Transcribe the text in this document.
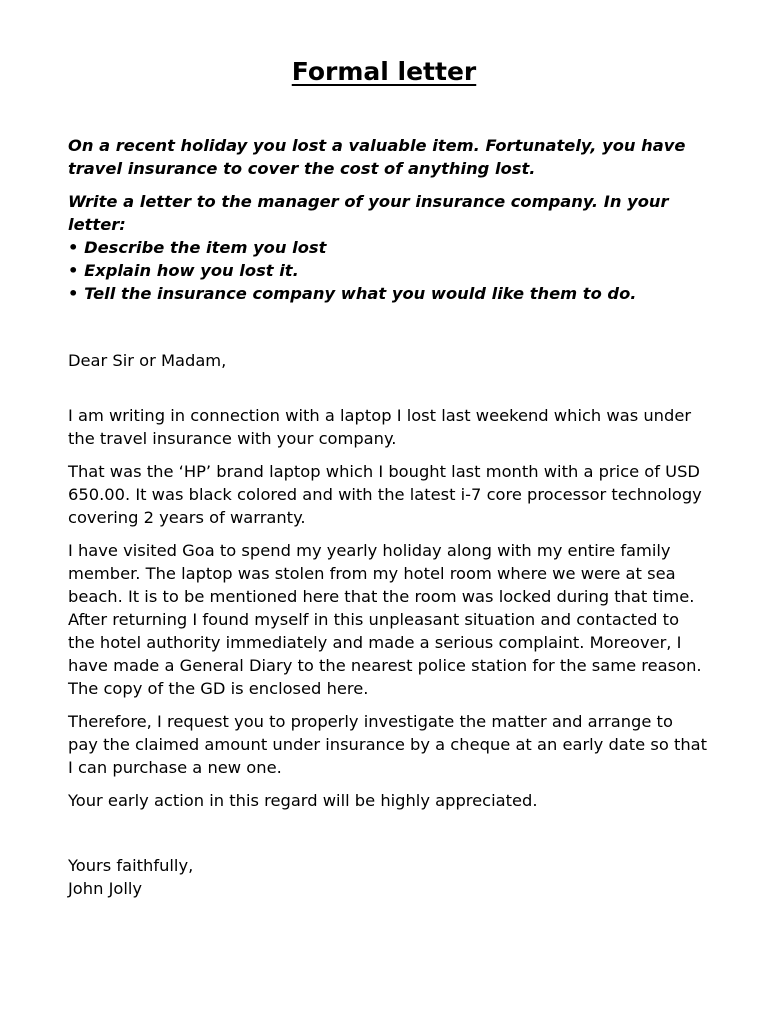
Formal letter

On a recent holiday you lost a valuable item. Fortunately, you have travel insurance to cover the cost of anything lost.

Write a letter to the manager of your insurance company. In your letter:

• Describe the item you lost
• Explain how you lost it.
• Tell the insurance company what you would like them to do.

Dear Sir or Madam,

I am writing in connection with a laptop I lost last weekend which was under the travel insurance with your company.

That was the ‘HP’ brand laptop which I bought last month with a price of USD 650.00. It was black colored and with the latest i-7 core processor technology covering 2 years of warranty.

I have visited Goa to spend my yearly holiday along with my entire family member. The laptop was stolen from my hotel room where we were at sea beach. It is to be mentioned here that the room was locked during that time. After returning I found myself in this unpleasant situation and contacted to the hotel authority immediately and made a serious complaint. Moreover, I have made a General Diary to the nearest police station for the same reason. The copy of the GD is enclosed here.

Therefore, I request you to properly investigate the matter and arrange to pay the claimed amount under insurance by a cheque at an early date so that I can purchase a new one.

Your early action in this regard will be highly appreciated.

Yours faithfully,
John Jolly
